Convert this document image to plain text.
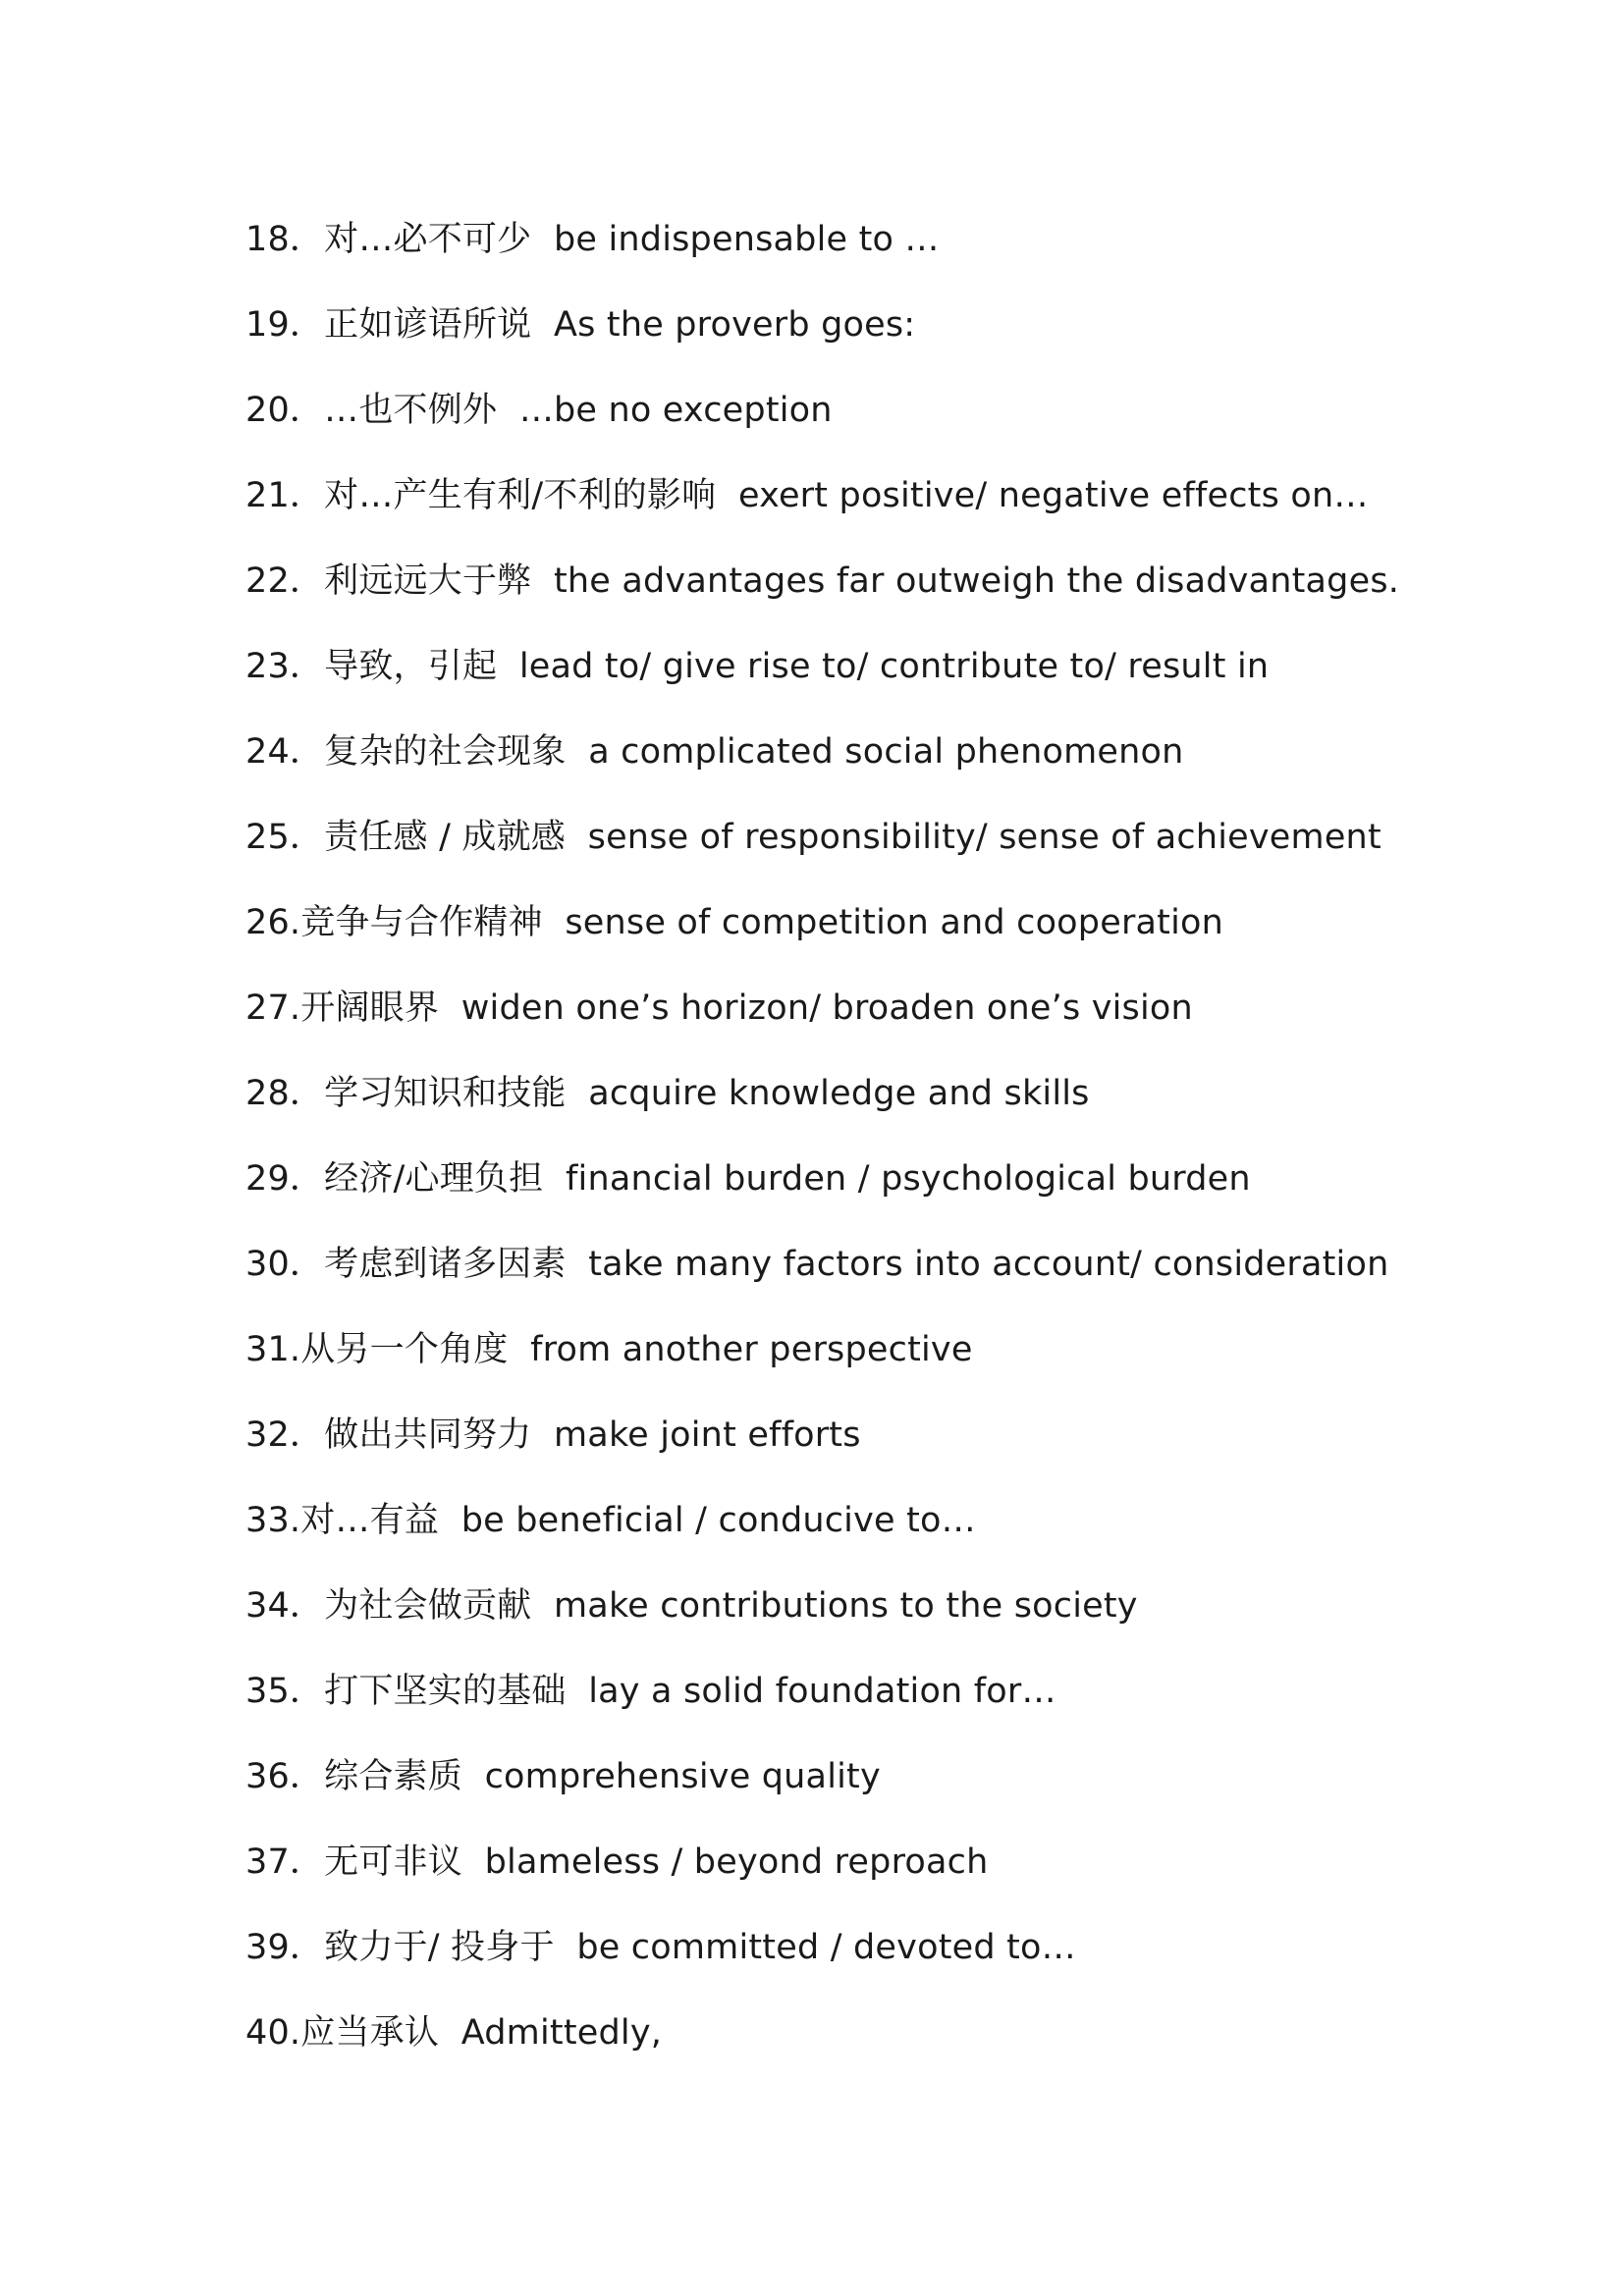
18．对…必不可少 be indispensable to …
19．正如谚语所说 As the proverb goes:
20．…也不例外 …be no exception
21．对…产生有利/不利的影响 exert positive/ negative effects on…
22．利远远大于弊 the advantages far outweigh the disadvantages.
23．导致，引起 lead to/ give rise to/ contribute to/ result in
24．复杂的社会现象 a complicated social phenomenon
25．责任感 / 成就感 sense of responsibility/ sense of achievement
26.竞争与合作精神 sense of competition and cooperation
27.开阔眼界 widen one’s horizon/ broaden one’s vision
28．学习知识和技能 acquire knowledge and skills
29．经济/心理负担 financial burden / psychological burden
30．考虑到诸多因素 take many factors into account/ consideration
31.从另一个角度 from another perspective
32．做出共同努力 make joint efforts
33.对…有益 be beneficial / conducive to…
34．为社会做贡献 make contributions to the society
35．打下坚实的基础 lay a solid foundation for…
36．综合素质 comprehensive quality
37．无可非议 blameless / beyond reproach
39．致力于/ 投身于 be committed / devoted to…
40.应当承认 Admittedly,
